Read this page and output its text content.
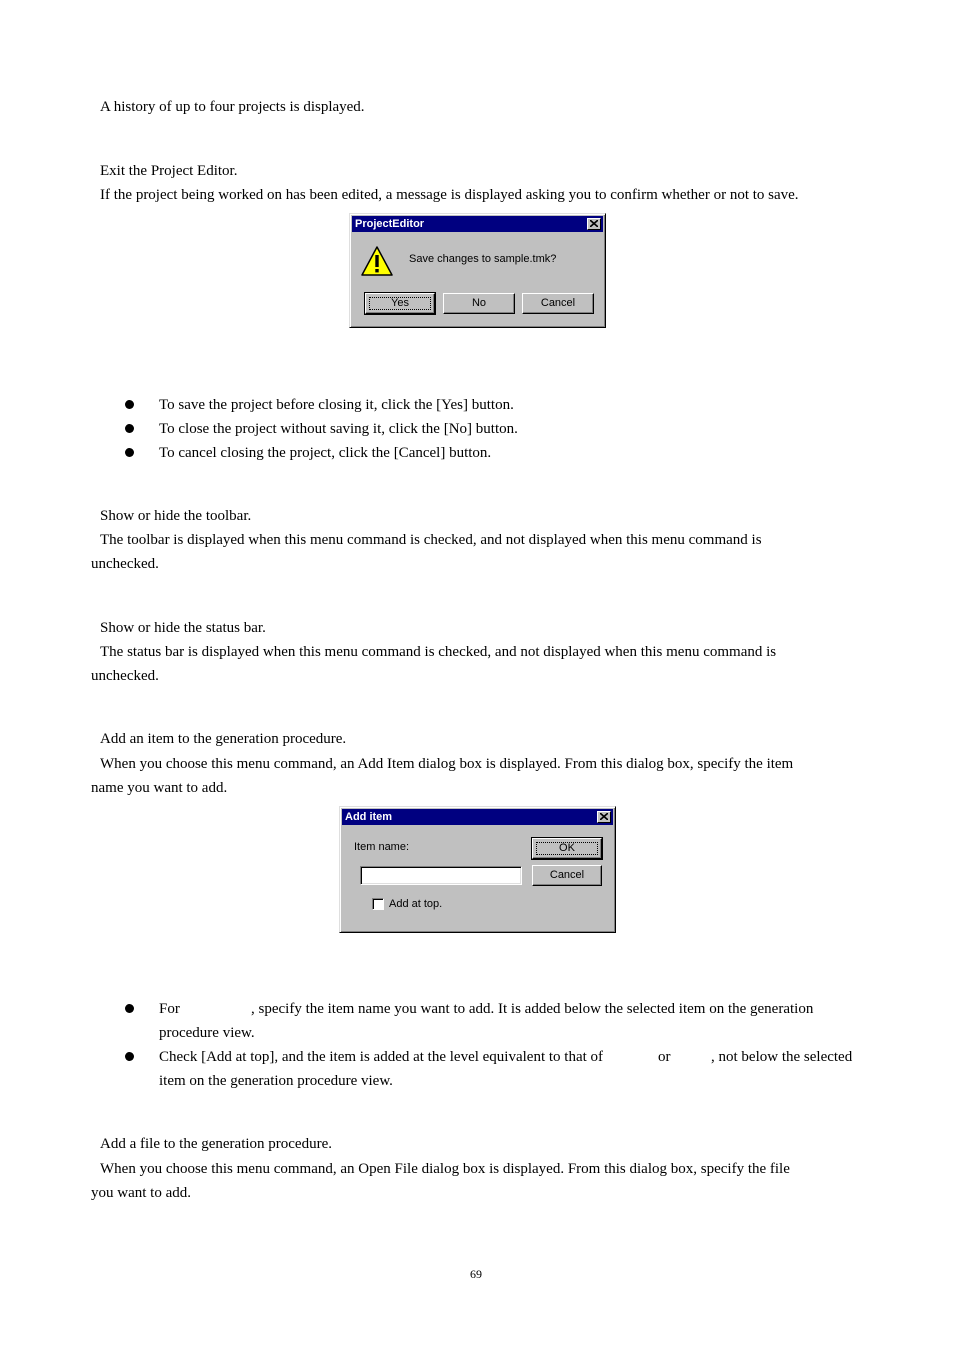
A history of up to four projects is displayed.
Exit the Project Editor.
If the project being worked on has been edited, a message is displayed asking you to confirm whether or not to save.
ProjectEditor
Save changes to sample.tmk?
Yes	No	Cancel
To save the project before closing it, click the [Yes] button.
To close the project without saving it, click the [No] button.
To cancel closing the project, click the [Cancel] button.
Show or hide the toolbar.
The toolbar is displayed when this menu command is checked, and not displayed when this menu command is
unchecked.
Show or hide the status bar.
The status bar is displayed when this menu command is checked, and not displayed when this menu command is
unchecked.
Add an item to the generation procedure.
When you choose this menu command, an Add Item dialog box is displayed. From this dialog box, specify the item
name you want to add.
Add item
Item name:	OK
Cancel
Add at top.
For	, specify the item name you want to add. It is added below the selected item on the generation
procedure view.
Check [Add at top], and the item is added at the level equivalent to that of	or	, not below the selected
item on the generation procedure view.
Add a file to the generation procedure.
When you choose this menu command, an Open File dialog box is displayed. From this dialog box, specify the file
you want to add.
69
